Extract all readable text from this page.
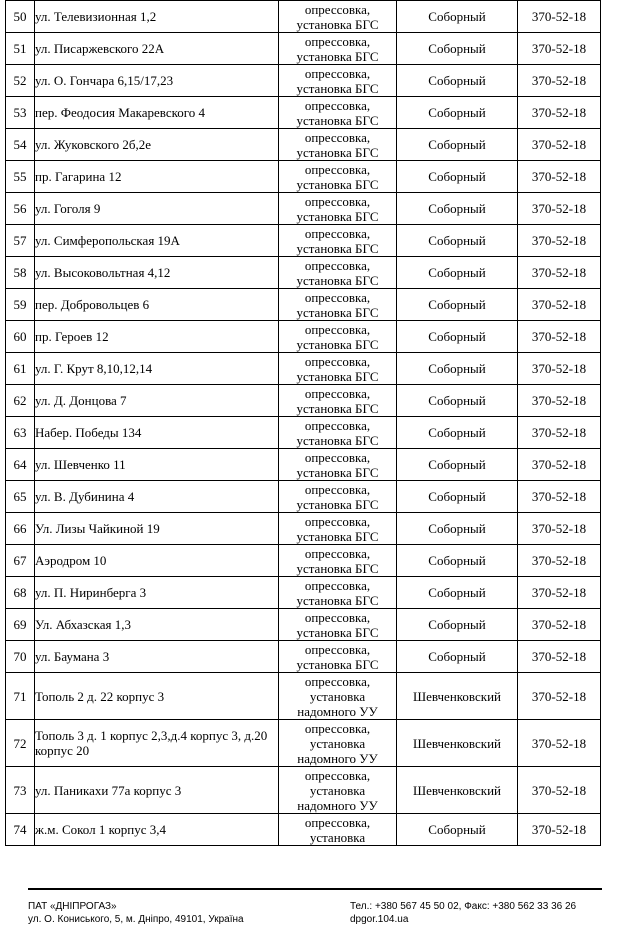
50	ул. Телевизионная 1,2	опрессовка,
установка БГС	Соборный	370-52-18
51	ул. Писаржевского 22А	опрессовка,
установка БГС	Соборный	370-52-18
52	ул. О. Гончара 6,15/17,23	опрессовка,
установка БГС	Соборный	370-52-18
53	пер. Феодосия Макаревского 4	опрессовка,
установка БГС	Соборный	370-52-18
54	ул. Жуковского 2б,2е	опрессовка,
установка БГС	Соборный	370-52-18
55	пр. Гагарина 12	опрессовка,
установка БГС	Соборный	370-52-18
56	ул. Гоголя 9	опрессовка,
установка БГС	Соборный	370-52-18
57	ул. Симферопольская 19А	опрессовка,
установка БГС	Соборный	370-52-18
58	ул. Высоковольтная 4,12	опрессовка,
установка БГС	Соборный	370-52-18
59	пер. Добровольцев 6	опрессовка,
установка БГС	Соборный	370-52-18
60	пр. Героев 12	опрессовка,
установка БГС	Соборный	370-52-18
61	ул. Г. Крут 8,10,12,14	опрессовка,
установка БГС	Соборный	370-52-18
62	ул. Д. Донцова 7	опрессовка,
установка БГС	Соборный	370-52-18
63	Набер. Победы 134	опрессовка,
установка БГС	Соборный	370-52-18
64	ул. Шевченко 11	опрессовка,
установка БГС	Соборный	370-52-18
65	ул. В. Дубинина 4	опрессовка,
установка БГС	Соборный	370-52-18
66	Ул. Лизы Чайкиной 19	опрессовка,
установка БГС	Соборный	370-52-18
67	Аэродром 10	опрессовка,
установка БГС	Соборный	370-52-18
68	ул. П. Ниринберга 3	опрессовка,
установка БГС	Соборный	370-52-18
69	Ул. Абхазская 1,3	опрессовка,
установка БГС	Соборный	370-52-18
70	ул. Баумана 3	опрессовка,
установка БГС	Соборный	370-52-18
71	Тополь 2 д. 22 корпус 3	опрессовка,
установка
надомного УУ	Шевченковский	370-52-18
72	Тополь 3 д. 1 корпус 2,3,д.4 корпус 3, д.20 корпус 20	опрессовка,
установка
надомного УУ	Шевченковский	370-52-18
73	ул. Паникахи 77а корпус 3	опрессовка,
установка
надомного УУ	Шевченковский	370-52-18
74	ж.м. Сокол 1 корпус 3,4	опрессовка,
установка	Соборный	370-52-18
ПАТ «ДНІПРОГАЗ»
ул. О. Кониського, 5, м. Дніпро, 49101, Україна
Тел.: +380 567 45 50 02, Факс: +380 562 33 36 26
dpgor.104.ua
